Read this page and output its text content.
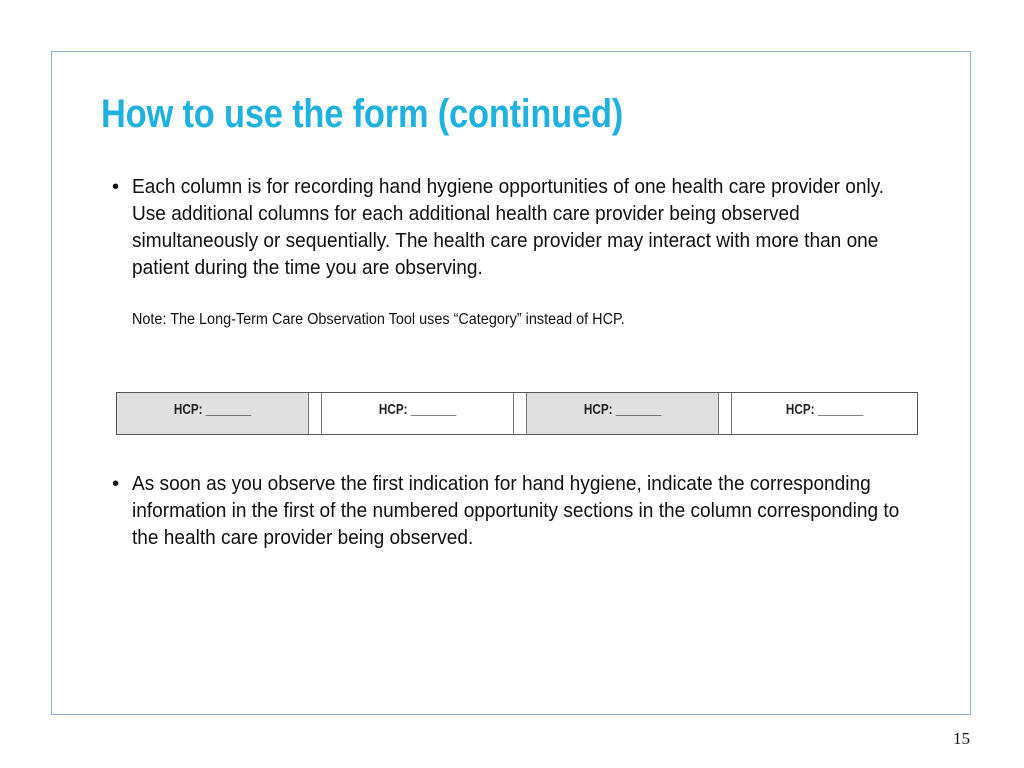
How to use the form (continued)
• Each column is for recording hand hygiene opportunities of one health care provider only. Use additional columns for each additional health care provider being observed simultaneously or sequentially. The health care provider may interact with more than one patient during the time you are observing.
Note: The Long-Term Care Observation Tool uses “Category” instead of HCP.
HCP: _______	HCP: _______	HCP: _______	HCP: _______
• As soon as you observe the first indication for hand hygiene, indicate the corresponding information in the first of the numbered opportunity sections in the column corresponding to the health care provider being observed.
15
